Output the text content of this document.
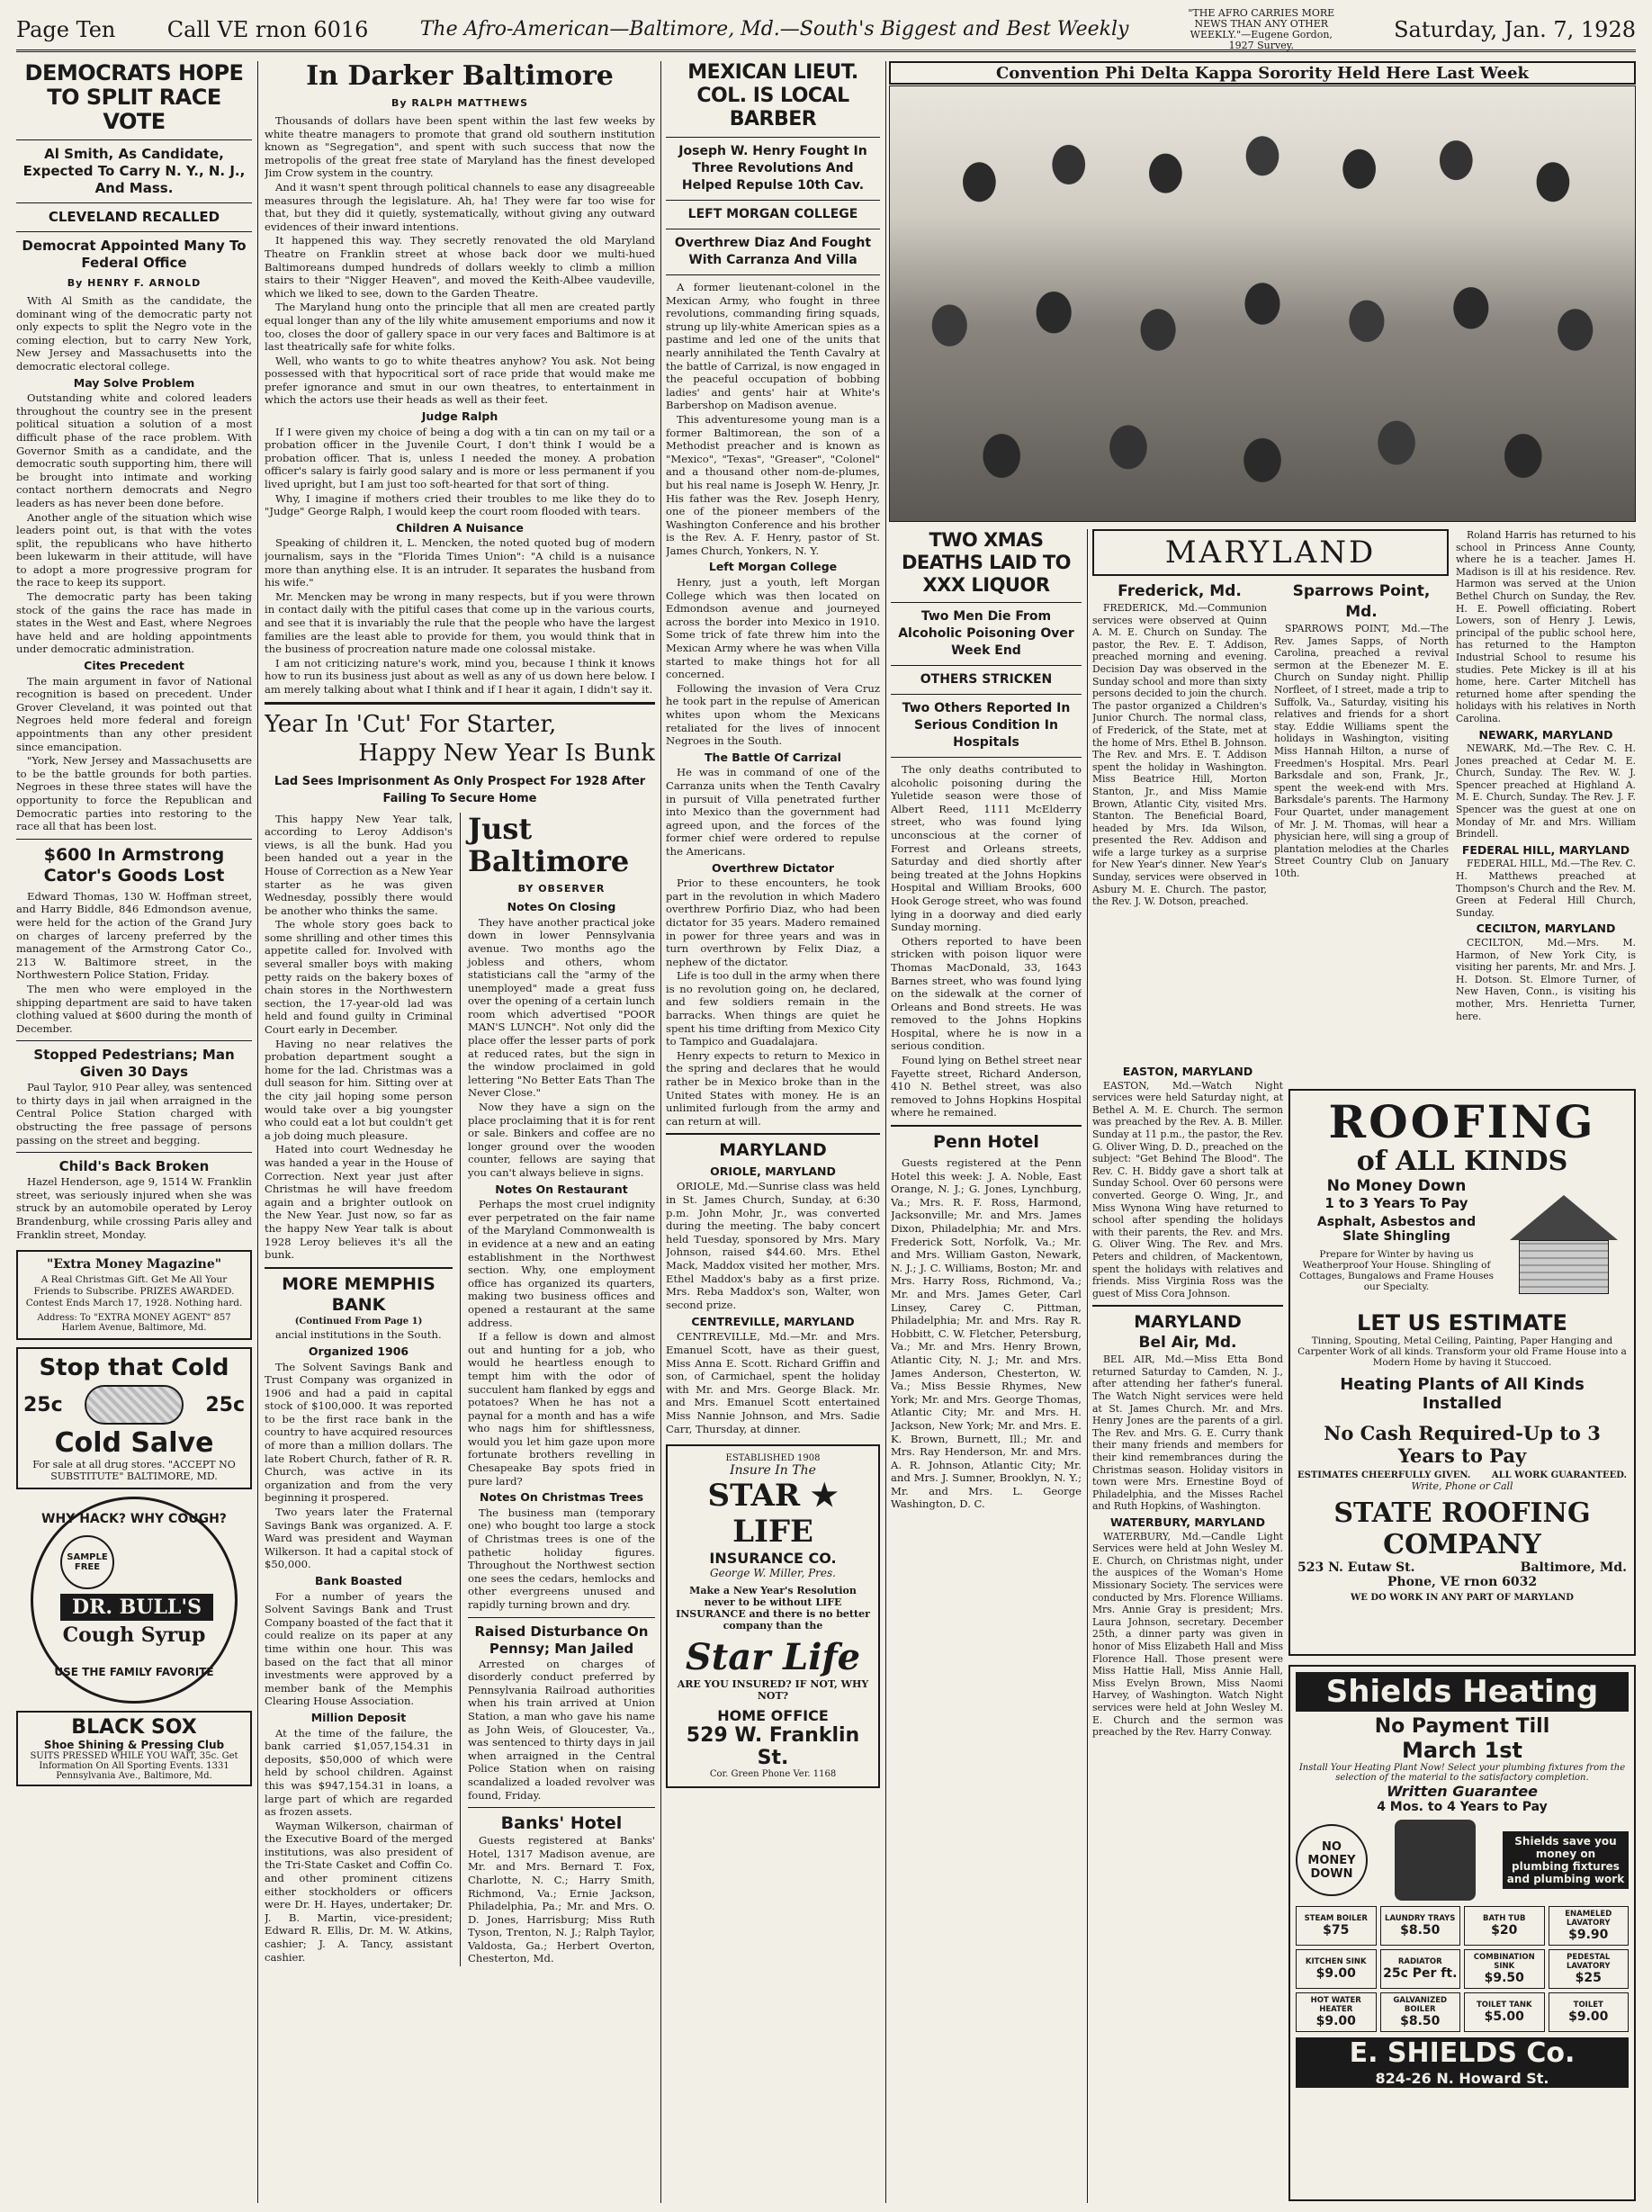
Page Ten Call VE rnon 6016	The Afro-American—Baltimore, Md.—South's Biggest and Best Weekly
"THE AFRO CARRIES MORE NEWS THAN ANY OTHER WEEKLY."—Eugene Gordon, 1927 Survey.
Saturday, Jan. 7, 1928
DEMOCRATS HOPE TO SPLIT RACE VOTE
Al Smith, As Candidate, Expected To Carry N. Y., N. J., And Mass.
CLEVELAND RECALLED
Democrat Appointed Many To Federal Office
By HENRY F. ARNOLD

With Al Smith as the candidate, the dominant wing of the democratic party not only expects to split the Negro vote in the coming election, but to carry New York, New Jersey and Massachusetts into the democratic electoral college.

May Solve Problem

Outstanding white and colored leaders throughout the country see in the present political situation a solution of a most difficult phase of the race problem. With Governor Smith as a candidate, and the democratic south supporting him, there will be brought into intimate and working contact northern democrats and Negro leaders as has never been done before.

Another angle of the situation which wise leaders point out, is that with the votes split, the republicans who have hitherto been lukewarm in their attitude, will have to adopt a more progressive program for the race to keep its support.

The democratic party has been taking stock of the gains the race has made in states in the West and East, where Negroes have held and are holding appointments under democratic administration.

Cites Precedent

The main argument in favor of National recognition is based on precedent. Under Grover Cleveland, it was pointed out that Negroes held more federal and foreign appointments than any other president since emancipation.

"York, New Jersey and Massachusetts are to be the battle grounds for both parties. Negroes in these three states will have the opportunity to force the Republican and Democratic parties into restoring to the race all that has been lost.

$600 In Armstrong Cator's Goods Lost

Edward Thomas, 130 W. Hoffman street, and Harry Biddle, 846 Edmondson avenue, were held for the action of the Grand Jury on charges of larceny preferred by the management of the Armstrong Cator Co., 213 W. Baltimore street, in the Northwestern Police Station, Friday.

The men who were employed in the shipping department are said to have taken clothing valued at $600 during the month of December.

Stopped Pedestrians; Man Given 30 Days

Paul Taylor, 910 Pear alley, was sentenced to thirty days in jail when arraigned in the Central Police Station charged with obstructing the free passage of persons passing on the street and begging.

Child's Back Broken

Hazel Henderson, age 9, 1514 W. Franklin street, was seriously injured when she was struck by an automobile operated by Leroy Brandenburg, while crossing Paris alley and Franklin street, Monday.

"Extra Money Magazine"
A Real Christmas Gift. Get Me All Your Friends to Subscribe. PRIZES AWARDED. Contest Ends March 17, 1928. Nothing hard.
Address: To "EXTRA MONEY AGENT" 857 Harlem Avenue, Baltimore, Md.
Stop that Cold
25c	25c
Cold Salve
For sale at all drug stores. "ACCEPT NO SUBSTITUTE" BALTIMORE, MD.
WHY HACK? WHY COUGH?
SAMPLE FREE
DR. BULL'S
Cough Syrup
USE THE FAMILY FAVORITE
BLACK SOX
Shoe Shining & Pressing Club
SUITS PRESSED WHILE YOU WAIT, 35c. Get Information On All Sporting Events. 1331 Pennsylvania Ave., Baltimore, Md.
In Darker Baltimore
By RALPH MATTHEWS

Thousands of dollars have been spent within the last few weeks by white theatre managers to promote that grand old southern institution known as "Segregation", and spent with such success that now the metropolis of the great free state of Maryland has the finest developed Jim Crow system in the country.

And it wasn't spent through political channels to ease any disagreeable measures through the legislature. Ah, ha! They were far too wise for that, but they did it quietly, systematically, without giving any outward evidences of their inward intentions.

It happened this way. They secretly renovated the old Maryland Theatre on Franklin street at whose back door we multi-hued Baltimoreans dumped hundreds of dollars weekly to climb a million stairs to their "Nigger Heaven", and moved the Keith-Albee vaudeville, which we liked to see, down to the Garden Theatre.

The Maryland hung onto the principle that all men are created partly equal longer than any of the lily white amusement emporiums and now it too, closes the door of gallery space in our very faces and Baltimore is at last theatrically safe for white folks.

Well, who wants to go to white theatres anyhow? You ask. Not being possessed with that hypocritical sort of race pride that would make me prefer ignorance and smut in our own theatres, to entertainment in which the actors use their heads as well as their feet.

Judge Ralph

If I were given my choice of being a dog with a tin can on my tail or a probation officer in the Juvenile Court, I don't think I would be a probation officer. That is, unless I needed the money. A probation officer's salary is fairly good salary and is more or less permanent if you lived upright, but I am just too soft-hearted for that sort of thing.

Why, I imagine if mothers cried their troubles to me like they do to "Judge" George Ralph, I would keep the court room flooded with tears.

Children A Nuisance

Speaking of children it, L. Mencken, the noted quoted bug of modern journalism, says in the "Florida Times Union": "A child is a nuisance more than anything else. It is an intruder. It separates the husband from his wife."

Mr. Mencken may be wrong in many respects, but if you were thrown in contact daily with the pitiful cases that come up in the various courts, and see that it is invariably the rule that the people who have the largest families are the least able to provide for them, you would think that in the business of procreation nature made one colossal mistake.

I am not criticizing nature's work, mind you, because I think it knows how to run its business just about as well as any of us down here below. I am merely talking about what I think and if I hear it again, I didn't say it.

Year In 'Cut' For Starter,
Happy New Year Is Bunk
Lad Sees Imprisonment As Only Prospect For 1928 After Failing To Secure Home

This happy New Year talk, according to Leroy Addison's views, is all the bunk. Had you been handed out a year in the House of Correction as a New Year starter as he was given Wednesday, possibly there would be another who thinks the same.

The whole story goes back to some shrilling and other times this appetite called for. Involved with several smaller boys with making petty raids on the bakery boxes of chain stores in the Northwestern section, the 17-year-old lad was held and found guilty in Criminal Court early in December.

Having no near relatives the probation department sought a home for the lad. Christmas was a dull season for him. Sitting over at the city jail hoping some person would take over a big youngster who could eat a lot but couldn't get a job doing much pleasure.

Hated into court Wednesday he was handed a year in the House of Correction. Next year just after Christmas he will have freedom again and a brighter outlook on the New Year. Just now, so far as the happy New Year talk is about 1928 Leroy believes it's all the bunk.

MORE MEMPHIS BANK
(Continued From Page 1)

ancial institutions in the South.

Organized 1906

The Solvent Savings Bank and Trust Company was organized in 1906 and had a paid in capital stock of $100,000. It was reported to be the first race bank in the country to have acquired resources of more than a million dollars. The late Robert Church, father of R. R. Church, was active in its organization and from the very beginning it prospered.

Two years later the Fraternal Savings Bank was organized. A. F. Ward was president and Wayman Wilkerson. It had a capital stock of $50,000.

Bank Boasted

For a number of years the Solvent Savings Bank and Trust Company boasted of the fact that it could realize on its paper at any time within one hour. This was based on the fact that all minor investments were approved by a member bank of the Memphis Clearing House Association.

Million Deposit

At the time of the failure, the bank carried $1,057,154.31 in deposits, $50,000 of which were held by school children. Against this was $947,154.31 in loans, a large part of which are regarded as frozen assets.

Wayman Wilkerson, chairman of the Executive Board of the merged institutions, was also president of the Tri-State Casket and Coffin Co. and other prominent citizens either stockholders or officers were Dr. H. Hayes, undertaker; Dr. J. B. Martin, vice-president; Edward R. Ellis, Dr. M. W. Atkins, cashier; J. A. Tancy, assistant cashier.

Just Baltimore
BY OBSERVER
Notes On Closing

They have another practical joke down in lower Pennsylvania avenue. Two months ago the jobless and others, whom statisticians call the "army of the unemployed" made a great fuss over the opening of a certain lunch room which advertised "POOR MAN'S LUNCH". Not only did the place offer the lesser parts of pork at reduced rates, but the sign in the window proclaimed in gold lettering "No Better Eats Than The Never Close."

Now they have a sign on the place proclaiming that it is for rent or sale. Binkers and coffee are no longer ground over the wooden counter, fellows are saying that you can't always believe in signs.

Notes On Restaurant

Perhaps the most cruel indignity ever perpetrated on the fair name of the Maryland Commonwealth is in evidence at a new and an eating establishment in the Northwest section. Why, one employment office has organized its quarters, making two business offices and opened a restaurant at the same address.

If a fellow is down and almost out and hunting for a job, who would he heartless enough to tempt him with the odor of succulent ham flanked by eggs and potatoes? When he has not a paynal for a month and has a wife who nags him for shiftlessness, would you let him gaze upon more fortunate brothers revelling in Chesapeake Bay spots fried in pure lard?

Notes On Christmas Trees

The business man (temporary one) who bought too large a stock of Christmas trees is one of the pathetic holiday figures. Throughout the Northwest section one sees the cedars, hemlocks and other evergreens unused and rapidly turning brown and dry.

Raised Disturbance On Pennsy; Man Jailed

Arrested on charges of disorderly conduct preferred by Pennsylvania Railroad authorities when his train arrived at Union Station, a man who gave his name as John Weis, of Gloucester, Va., was sentenced to thirty days in jail when arraigned in the Central Police Station when on raising scandalized a loaded revolver was found, Friday.

Banks' Hotel

Guests registered at Banks' Hotel, 1317 Madison avenue, are Mr. and Mrs. Bernard T. Fox, Charlotte, N. C.; Harry Smith, Richmond, Va.; Ernie Jackson, Philadelphia, Pa.; Mr. and Mrs. O. D. Jones, Harrisburg; Miss Ruth Tyson, Trenton, N. J.; Ralph Taylor, Valdosta, Ga.; Herbert Overton, Chesterton, Md.

MEXICAN LIEUT. COL. IS LOCAL BARBER
Joseph W. Henry Fought In Three Revolutions And Helped Repulse 10th Cav.
LEFT MORGAN COLLEGE
Overthrew Diaz And Fought With Carranza And Villa

A former lieutenant-colonel in the Mexican Army, who fought in three revolutions, commanding firing squads, strung up lily-white American spies as a pastime and led one of the units that nearly annihilated the Tenth Cavalry at the battle of Carrizal, is now engaged in the peaceful occupation of bobbing ladies' and gents' hair at White's Barbershop on Madison avenue.

This adventuresome young man is a former Baltimorean, the son of a Methodist preacher and is known as "Mexico", "Texas", "Greaser", "Colonel" and a thousand other nom-de-plumes, but his real name is Joseph W. Henry, Jr. His father was the Rev. Joseph Henry, one of the pioneer members of the Washington Conference and his brother is the Rev. A. F. Henry, pastor of St. James Church, Yonkers, N. Y.

Left Morgan College

Henry, just a youth, left Morgan College which was then located on Edmondson avenue and journeyed across the border into Mexico in 1910. Some trick of fate threw him into the Mexican Army where he was when Villa started to make things hot for all concerned.

Following the invasion of Vera Cruz he took part in the repulse of American whites upon whom the Mexicans retaliated for the lives of innocent Negroes in the South.

The Battle Of Carrizal

He was in command of one of the Carranza units when the Tenth Cavalry in pursuit of Villa penetrated further into Mexico than the government had agreed upon, and the forces of the former chief were ordered to repulse the Americans.

Overthrew Dictator

Prior to these encounters, he took part in the revolution in which Madero overthrew Porfirio Diaz, who had been dictator for 35 years. Madero remained in power for three years and was in turn overthrown by Felix Diaz, a nephew of the dictator.

Life is too dull in the army when there is no revolution going on, he declared, and few soldiers remain in the barracks. When things are quiet he spent his time drifting from Mexico City to Tampico and Guadalajara.

Henry expects to return to Mexico in the spring and declares that he would rather be in Mexico broke than in the United States with money. He is an unlimited furlough from the army and can return at will.

MARYLAND
ORIOLE, MARYLAND

ORIOLE, Md.—Sunrise class was held in St. James Church, Sunday, at 6:30 p.m. John Mohr, Jr., was converted during the meeting. The baby concert held Tuesday, sponsored by Mrs. Mary Johnson, raised $44.60. Mrs. Ethel Mack, Maddox visited her mother, Mrs. Ethel Maddox's baby as a first prize. Mrs. Reba Maddox's son, Walter, won second prize.

CENTREVILLE, MARYLAND

CENTREVILLE, Md.—Mr. and Mrs. Emanuel Scott, have as their guest, Miss Anna E. Scott. Richard Griffin and son, of Carmichael, spent the holiday with Mr. and Mrs. George Black. Mr. and Mrs. Emanuel Scott entertained Miss Nannie Johnson, and Mrs. Sadie Carr, Thursday, at dinner.

ESTABLISHED 1908
Insure In The
STAR ★ LIFE
INSURANCE CO.
George W. Miller, Pres.
Make a New Year's Resolution never to be without LIFE INSURANCE and there is no better company than the
Star Life
ARE YOU INSURED? IF NOT, WHY NOT?
HOME OFFICE
529 W. Franklin St.
Cor. Green Phone Ver. 1168
Convention Phi Delta Kappa Sorority Held Here Last Week
TWO XMAS DEATHS LAID TO XXX LIQUOR
Two Men Die From Alcoholic Poisoning Over Week End
OTHERS STRICKEN
Two Others Reported In Serious Condition In Hospitals

The only deaths contributed to alcoholic poisoning during the Yuletide season were those of Albert Reed, 1111 McElderry street, who was found lying unconscious at the corner of Forrest and Orleans streets, Saturday and died shortly after being treated at the Johns Hopkins Hospital and William Brooks, 600 Hook Geroge street, who was found lying in a doorway and died early Sunday morning.

Others reported to have been stricken with poison liquor were Thomas MacDonald, 33, 1643 Barnes street, who was found lying on the sidewalk at the corner of Orleans and Bond streets. He was removed to the Johns Hopkins Hospital, where he is now in a serious condition.

Found lying on Bethel street near Fayette street, Richard Anderson, 410 N. Bethel street, was also removed to Johns Hopkins Hospital where he remained.

Penn Hotel

Guests registered at the Penn Hotel this week: J. A. Noble, East Orange, N. J.; G. Jones, Lynchburg, Va.; Mrs. R. F. Ross, Harmond, Jacksonville; Mr. and Mrs. James Dixon, Philadelphia; Mr. and Mrs. Frederick Sott, Norfolk, Va.; Mr. and Mrs. William Gaston, Newark, N. J.; J. C. Williams, Boston; Mr. and Mrs. Harry Ross, Richmond, Va.; Mr. and Mrs. James Geter, Carl Linsey, Carey C. Pittman, Philadelphia; Mr. and Mrs. Ray R. Hobbitt, C. W. Fletcher, Petersburg, Va.; Mr. and Mrs. Henry Brown, Atlantic City, N. J.; Mr. and Mrs. James Anderson, Chesterton, W. Va.; Miss Bessie Rhymes, New York; Mr. and Mrs. George Thomas, Atlantic City; Mr. and Mrs. H. Jackson, New York; Mr. and Mrs. E. K. Brown, Burnett, Ill.; Mr. and Mrs. Ray Henderson, Mr. and Mrs. A. R. Johnson, Atlantic City; Mr. and Mrs. J. Sumner, Brooklyn, N. Y.; Mr. and Mrs. L. George Washington, D. C.

MARYLAND
Frederick, Md.

FREDERICK, Md.—Communion services were observed at Quinn A. M. E. Church on Sunday. The pastor, the Rev. E. T. Addison, preached morning and evening. Decision Day was observed in the Sunday school and more than sixty persons decided to join the church. The pastor organized a Children's Junior Church. The normal class, of Frederick, of the State, met at the home of Mrs. Ethel B. Johnson. The Rev. and Mrs. E. T. Addison spent the holiday in Washington. Miss Beatrice Hill, Morton Stanton, Jr., and Miss Mamie Brown, Atlantic City, visited Mrs. Stanton. The Beneficial Board, headed by Mrs. Ida Wilson, presented the Rev. Addison and wife a large turkey as a surprise for New Year's dinner. New Year's Sunday, services were observed in Asbury M. E. Church. The pastor, the Rev. J. W. Dotson, preached.

Sparrows Point, Md.

SPARROWS POINT, Md.—The Rev. James Sapps, of North Carolina, preached a revival sermon at the Ebenezer M. E. Church on Sunday night. Phillip Norfleet, of I street, made a trip to Suffolk, Va., Saturday, visiting his relatives and friends for a short stay. Eddie Williams spent the holidays in Washington, visiting Miss Hannah Hilton, a nurse of Freedmen's Hospital. Mrs. Pearl Barksdale and son, Frank, Jr., spent the week-end with Mrs. Barksdale's parents. The Harmony Four Quartet, under management of Mr. J. M. Thomas, will hear a physician here, will sing a group of plantation melodies at the Charles Street Country Club on January 10th.

Roland Harris has returned to his school in Princess Anne County, where he is a teacher. James H. Madison is ill at his residence. Rev. Harmon was served at the Union Bethel Church on Sunday, the Rev. H. E. Powell officiating. Robert Lowers, son of Henry J. Lewis, principal of the public school here, has returned to the Hampton Industrial School to resume his studies. Pete Mickey is ill at his home, here. Carter Mitchell has returned home after spending the holidays with his relatives in North Carolina.

NEWARK, MARYLAND

NEWARK, Md.—The Rev. C. H. Jones preached at Cedar M. E. Church, Sunday. The Rev. W. J. Spencer preached at Highland A. M. E. Church, Sunday. The Rev. J. F. Spencer was the guest at one on Monday of Mr. and Mrs. William Brindell.

FEDERAL HILL, MARYLAND

FEDERAL HILL, Md.—The Rev. C. H. Matthews preached at Thompson's Church and the Rev. M. Green at Federal Hill Church, Sunday.

CECILTON, MARYLAND

CECILTON, Md.—Mrs. M. Harmon, of New York City, is visiting her parents, Mr. and Mrs. J. H. Dotson. St. Elmore Turner, of New Haven, Conn., is visiting his mother, Mrs. Henrietta Turner, here.

EASTON, MARYLAND

EASTON, Md.—Watch Night services were held Saturday night, at Bethel A. M. E. Church. The sermon was preached by the Rev. A. B. Miller. Sunday at 11 p.m., the pastor, the Rev. G. Oliver Wing, D. D., preached on the subject: "Get Behind The Blood". The Rev. C. H. Biddy gave a short talk at Sunday School. Over 60 persons were converted. George O. Wing, Jr., and Miss Wynona Wing have returned to school after spending the holidays with their parents, the Rev. and Mrs. G. Oliver Wing. The Rev. and Mrs. Peters and children, of Mackentown, spent the holidays with relatives and friends. Miss Virginia Ross was the guest of Miss Cora Johnson.

MARYLAND
Bel Air, Md.

BEL AIR, Md.—Miss Etta Bond returned Saturday to Camden, N. J., after attending her father's funeral. The Watch Night services were held at St. James Church. Mr. and Mrs. Henry Jones are the parents of a girl. The Rev. and Mrs. G. E. Curry thank their many friends and members for their kind remembrances during the Christmas season. Holiday visitors in town were Mrs. Ernestine Boyd of Philadelphia, and the Misses Rachel and Ruth Hopkins, of Washington.

WATERBURY, MARYLAND

WATERBURY, Md.—Candle Light Services were held at John Wesley M. E. Church, on Christmas night, under the auspices of the Woman's Home Missionary Society. The services were conducted by Mrs. Florence Williams. Mrs. Annie Gray is president; Mrs. Laura Johnson, secretary. December 25th, a dinner party was given in honor of Miss Elizabeth Hall and Miss Florence Hall. Those present were Miss Hattie Hall, Miss Annie Hall, Miss Evelyn Brown, Miss Naomi Harvey, of Washington. Watch Night services were held at John Wesley M. E. Church and the sermon was preached by the Rev. Harry Conway.

ROOFING
of ALL KINDS
No Money Down
1 to 3 Years To Pay
Asphalt, Asbestos and Slate Shingling
Prepare for Winter by having us Weatherproof Your House. Shingling of Cottages, Bungalows and Frame Houses our Specialty.
LET US ESTIMATE
Tinning, Spouting, Metal Ceiling, Painting, Paper Hanging and Carpenter Work of all kinds. Transform your old Frame House into a Modern Home by having it Stuccoed.
Heating Plants of All Kinds Installed
No Cash Required-Up to 3 Years to Pay
ESTIMATES CHEERFULLY GIVEN. ALL WORK GUARANTEED.
Write, Phone or Call
STATE ROOFING COMPANY
523 N. Eutaw St.	Baltimore, Md.
Phone, VE rnon 6032
WE DO WORK IN ANY PART OF MARYLAND
Shields Heating
No Payment Till
March 1st
Install Your Heating Plant Now! Select your plumbing fixtures from the selection of the material to the satisfactory completion.
Written Guarantee
4 Mos. to 4 Years to Pay
NO MONEY DOWN
Shields save you money on plumbing fixtures and plumbing work
STEAM BOILER
$75
LAUNDRY TRAYS
$8.50
BATH TUB
$20
ENAMELED LAVATORY
$9.90
KITCHEN SINK
$9.00
RADIATOR
25c Per ft.
COMBINATION SINK
$9.50
PEDESTAL LAVATORY
$25
HOT WATER HEATER
$9.00
GALVANIZED BOILER
$8.50
TOILET TANK
$5.00
TOILET
$9.00
E. SHIELDS Co.
824-26 N. Howard St.
